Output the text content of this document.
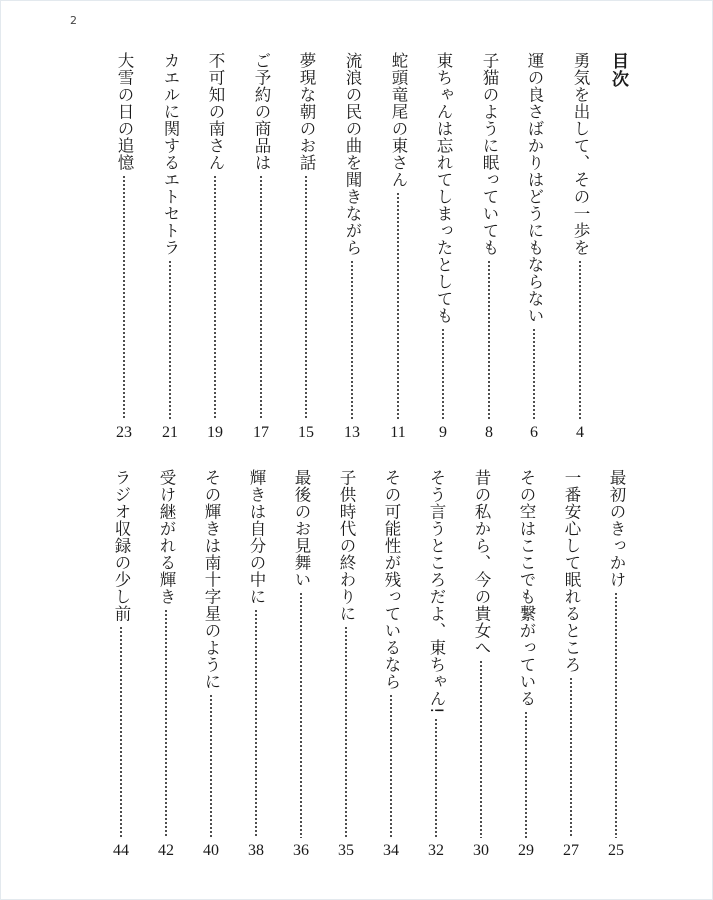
2
目次
勇気を出して、その一歩を
4
運の良さばかりはどうにもならない
6
子猫のように眠っていても
8
東ちゃんは忘れてしまったとしても
9
蛇頭竜尾の東さん
11
流浪の民の曲を聞きながら
13
夢現な朝のお話
15
ご予約の商品は
17
不可知の南さん
19
カエルに関するエトセトラ
21
大雪の日の追憶
23
最初のきっかけ
25
一番安心して眠れるところ
27
その空はここでも繋がっている
29
昔の私から、今の貴女へ
30
そう言うところだよ、東ちゃん!
32
その可能性が残っているなら
34
子供時代の終わりに
35
最後のお見舞い
36
輝きは自分の中に
38
その輝きは南十字星のように
40
受け継がれる輝き
42
ラジオ収録の少し前
44
